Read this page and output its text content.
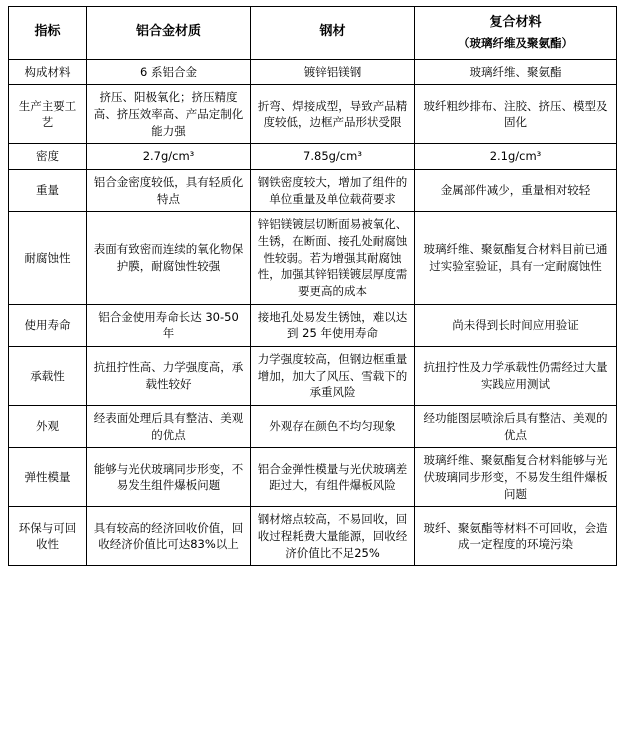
指标	铝合金材质	钢材	复合材料
（玻璃纤维及聚氨酯）

构成材料	6 系铝合金	镀锌铝镁钢	玻璃纤维、聚氨酯
生产主要工艺	挤压、阳极氧化；挤压精度高、挤压效率高、产品定制化能力强	折弯、焊接成型，导致产品精度较低，边框产品形状受限	玻纤粗纱排布、注胶、挤压、模型及固化
密度	2.7g/cm³	7.85g/cm³	2.1g/cm³
重量	铝合金密度较低，具有轻质化特点	钢铁密度较大，增加了组件的单位重量及单位载荷要求	金属部件减少，重量相对较轻
耐腐蚀性	表面有致密而连续的氧化物保护膜，耐腐蚀性较强	锌铝镁镀层切断面易被氧化、生锈，在断面、接孔处耐腐蚀性较弱。若为增强其耐腐蚀性，加强其锌铝镁镀层厚度需要更高的成本	玻璃纤维、聚氨酯复合材料目前已通过实验室验证，具有一定耐腐蚀性
使用寿命	铝合金使用寿命长达 30-50 年	接地孔处易发生锈蚀，难以达到 25 年使用寿命	尚未得到长时间应用验证
承载性	抗扭拧性高、力学强度高，承载性较好	力学强度较高，但钢边框重量增加，加大了风压、雪载下的承重风险	抗扭拧性及力学承载性仍需经过大量实践应用测试
外观	经表面处理后具有整洁、美观的优点	外观存在颜色不均匀现象	经功能图层喷涂后具有整洁、美观的优点
弹性模量	能够与光伏玻璃同步形变，不易发生组件爆板问题	铝合金弹性模量与光伏玻璃差距过大，有组件爆板风险	玻璃纤维、聚氨酯复合材料能够与光伏玻璃同步形变，不易发生组件爆板问题
环保与可回收性	具有较高的经济回收价值，回收经济价值比可达83%以上	钢材熔点较高，不易回收，回收过程耗费大量能源，回收经济价值比不足25%	玻纤、聚氨酯等材料不可回收，会造成一定程度的环境污染
